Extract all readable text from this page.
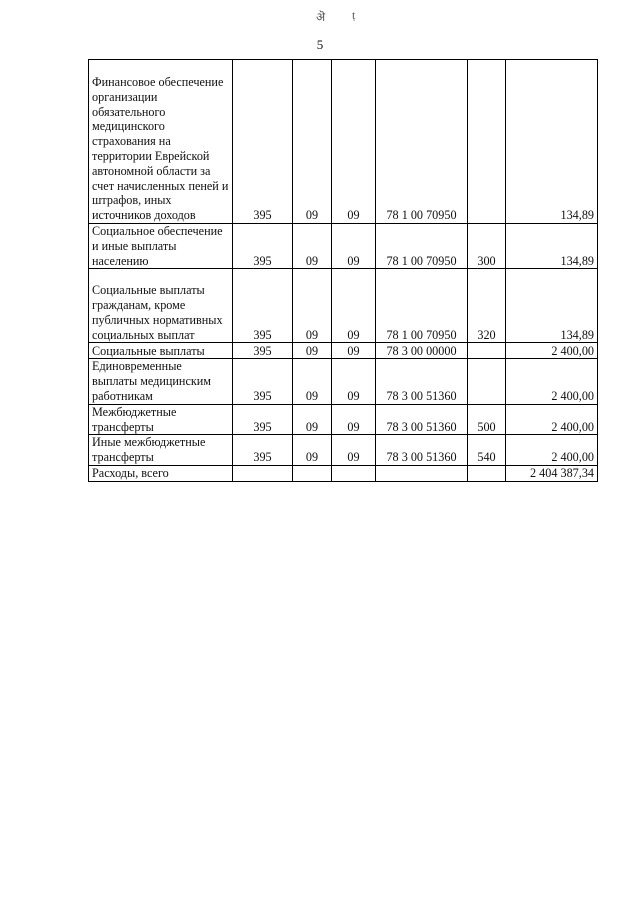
ऄ ṭ
5
Финансовое обеспечение организации обязательного медицинского страхования на территории Еврейской автономной области за счет начисленных пеней и штрафов, иных источников доходов	395	09	09	78 1 00 70950		134,89
Социальное обеспечение и иные выплаты населению	395	09	09	78 1 00 70950	300	134,89
Социальные выплаты гражданам, кроме публичных нормативных социальных выплат	395	09	09	78 1 00 70950	320	134,89
Социальные выплаты	395	09	09	78 3 00 00000		2 400,00
Единовременные выплаты медицинским работникам	395	09	09	78 3 00 51360		2 400,00
Межбюджетные трансферты	395	09	09	78 3 00 51360	500	2 400,00
Иные межбюджетные трансферты	395	09	09	78 3 00 51360	540	2 400,00
Расходы, всего						2 404 387,34
